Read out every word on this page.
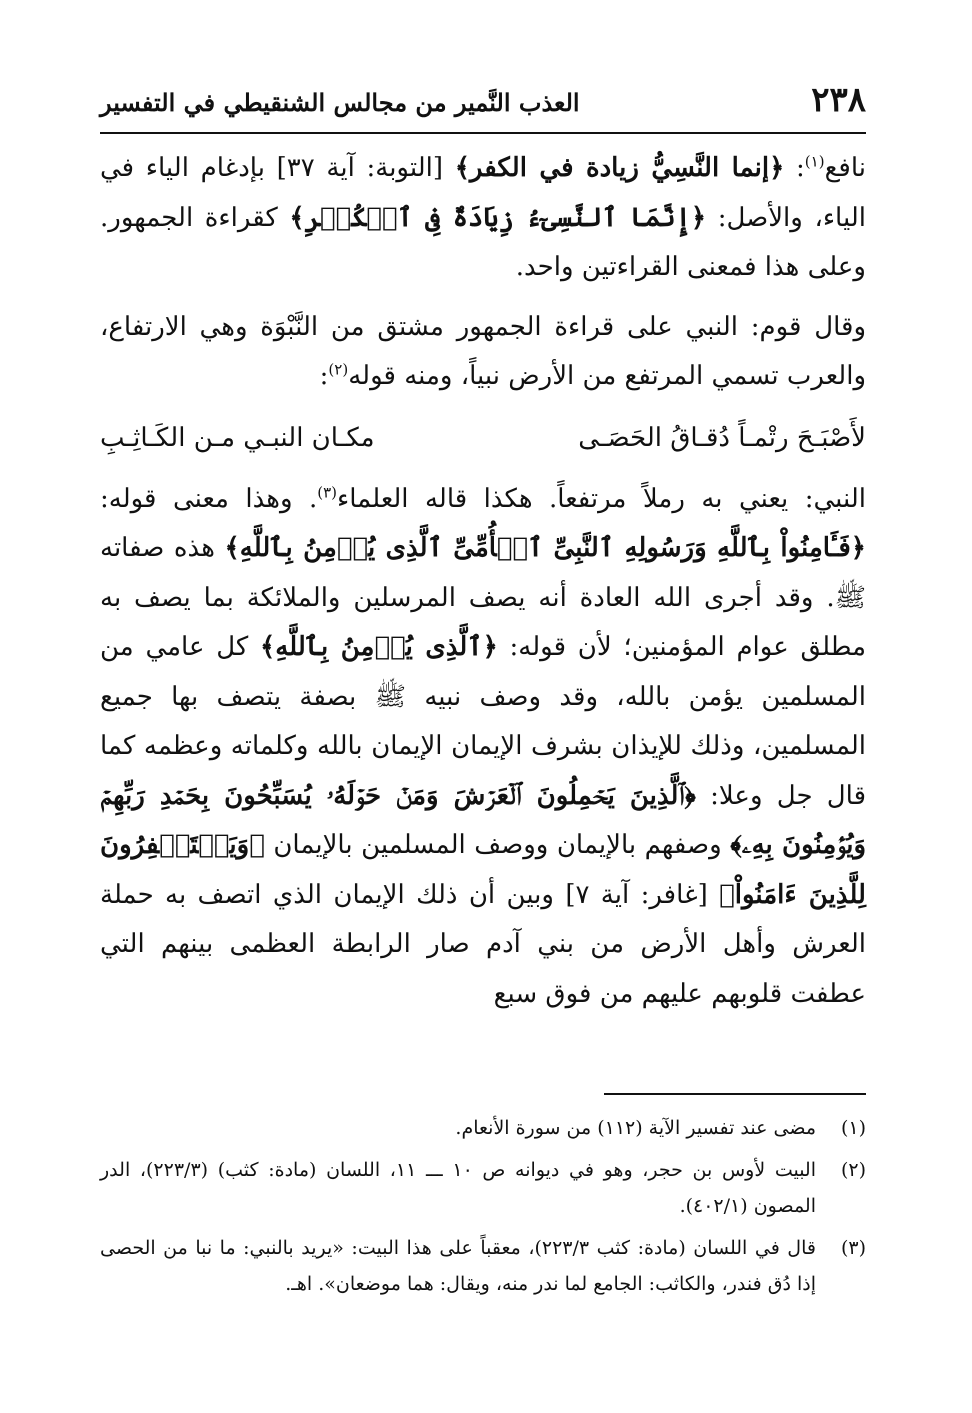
٢٣٨
العذب النَّمير من مجالس الشنقيطي في التفسير

نافع$^{(١)}$: ﴿إنما النَّسِيُّ زيادة في الكفر﴾ [التوبة: آية ٣٧] بإدغام الياء في الياء، والأصل: ﴿إِنَّمَا ٱلنَّسِىٓءُ زِيَادَةٌ فِى ٱلۡكُفۡرِ﴾ كقراءة الجمهور. وعلى هذا فمعنى القراءتين واحد.

وقال قوم: النبي على قراءة الجمهور مشتق من النَّبْوَة وهي الارتفاع، والعرب تسمي المرتفع من الأرض نبياً، ومنه قوله$^{(٢)}$:

لأَصْبَـحَ رتْمـاً دُقـاقُ الحَصَـى
مكـان النبـي مـن الكَـاثِـبِ

النبي: يعني به رملاً مرتفعاً. هكذا قاله العلماء$^{(٣)}$. وهذا معنى قوله: ﴿فَـَٔامِنُواْ بِٱللَّهِ وَرَسُولِهِ ٱلنَّبِىِّ ٱلۡأُمِّىِّ ٱلَّذِى يُؤۡمِنُ بِٱللَّهِ﴾ هذه صفاته ﷺ. وقد أجرى الله العادة أنه يصف المرسلين والملائكة بما يصف به مطلق عوام المؤمنين؛ لأن قوله: ﴿ٱلَّذِى يُؤۡمِنُ بِٱللَّهِ﴾ كل عامي من المسلمين يؤمن بالله، وقد وصف نبيه ﷺ بصفة يتصف بها جميع المسلمين، وذلك للإيذان بشرف الإيمان الإيمان بالله وكلماته وعظمه كما قال جل وعلا: ﴿ٱلَّذِينَ يَحۡمِلُونَ ٱلۡعَرۡشَ وَمَنۡ حَوۡلَهُۥ يُسَبِّحُونَ بِحَمۡدِ رَبِّهِمۡ وَيُؤۡمِنُونَ بِهِۦ﴾ وصفهم بالإيمان ووصف المسلمين بالإيمان ﴿وَيَسۡتَغۡفِرُونَ لِلَّذِينَ ءَامَنُواْ﴾ [غافر: آية ٧] وبين أن ذلك الإيمان الذي اتصف به حملة العرش وأهل الأرض من بني آدم صار الرابطة العظمى بينهم التي عطفت قلوبهم عليهم من فوق سبع

(١)
مضى عند تفسير الآية (١١٢) من سورة الأنعام.
(٢)
البيت لأوس بن حجر، وهو في ديوانه ص ١٠ ـــ ١١، اللسان (مادة: كثب) (٢٢٣/٣)، الدر المصون (٤٠٢/١).
(٣)
قال في اللسان (مادة: كثب ٢٢٣/٣)، معقباً على هذا البيت: «يريد بالنبي: ما نبا من الحصى إذا دُق فندر، والكاثب: الجامع لما ندر منه، ويقال: هما موضعان». اهـ.
